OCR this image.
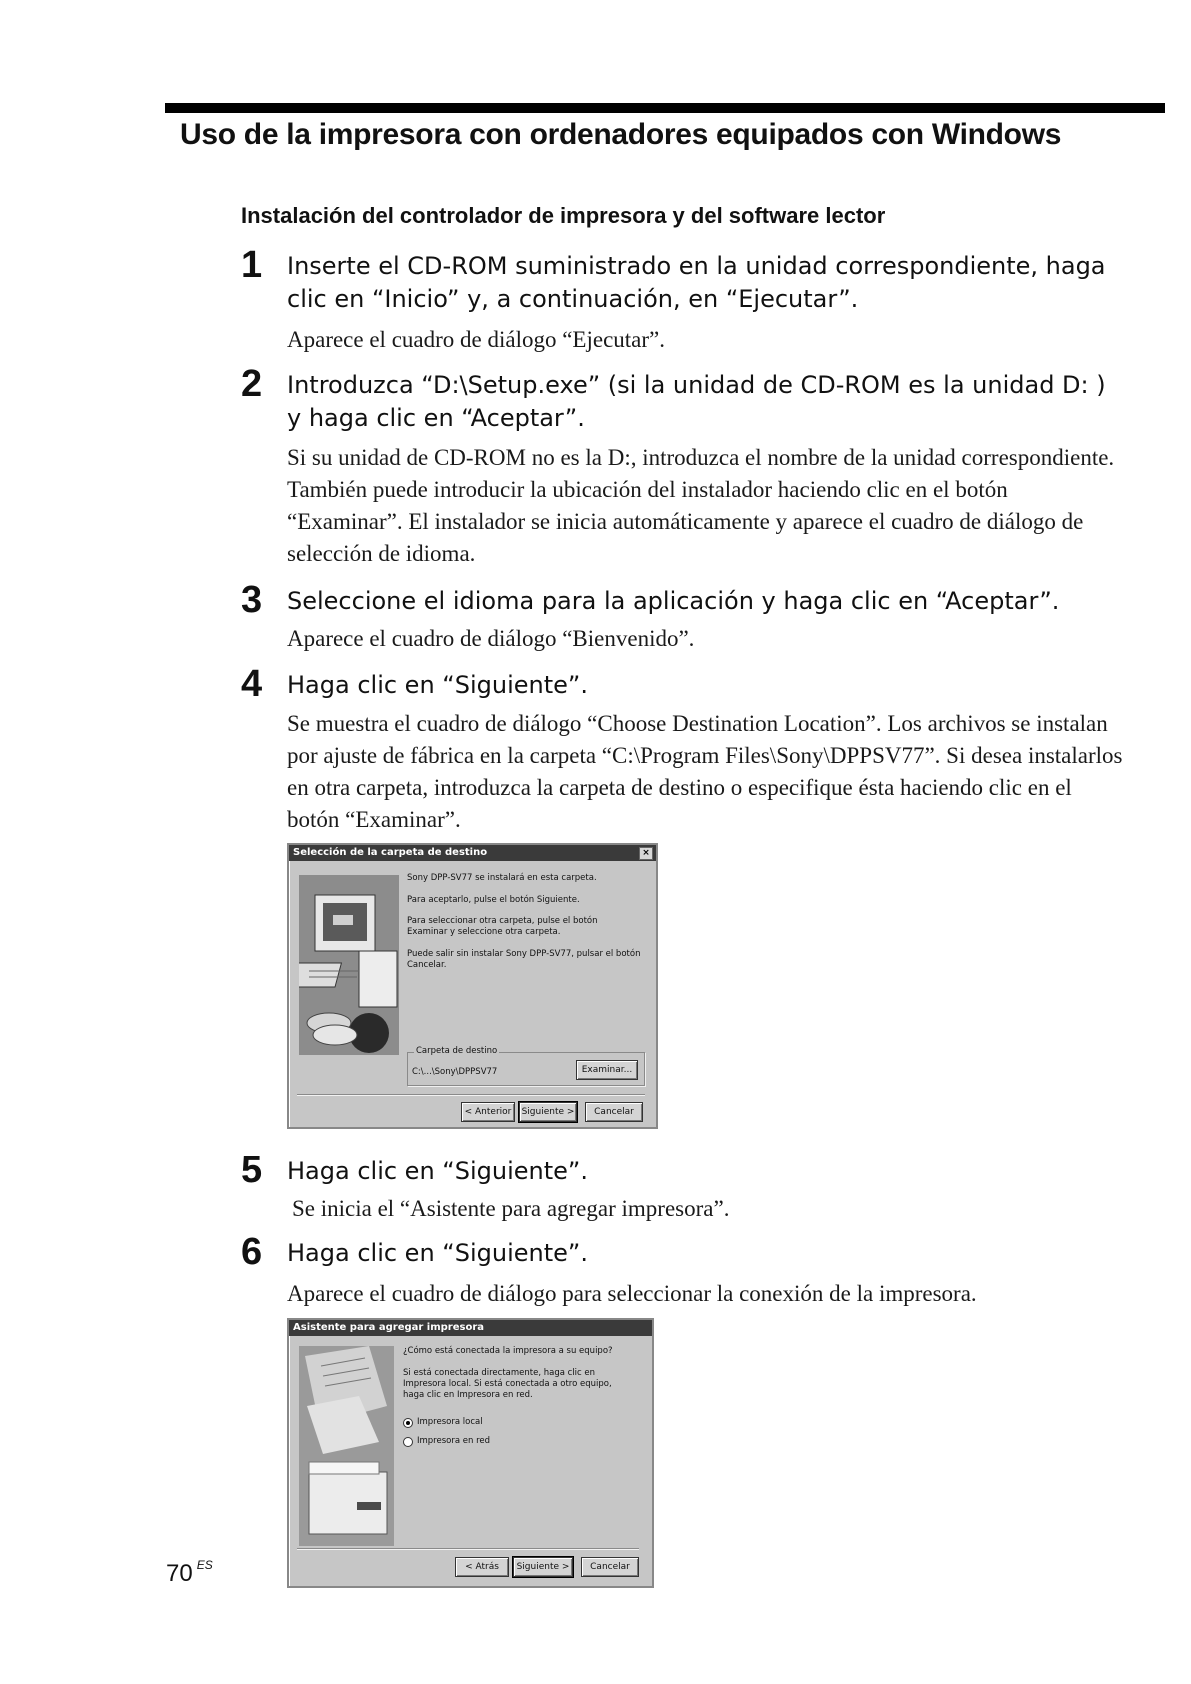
Uso de la impresora con ordenadores equipados con Windows
Instalación del controlador de impresora y del software lector
1 Inserte el CD-ROM suministrado en la unidad correspondiente, haga clic en “Inicio” y, a continuación, en “Ejecutar”.
Aparece el cuadro de diálogo “Ejecutar”.
2 Introduzca “D:\Setup.exe” (si la unidad de CD-ROM es la unidad D: ) y haga clic en “Aceptar”.
Si su unidad de CD-ROM no es la D:, introduzca el nombre de la unidad correspondiente. También puede introducir la ubicación del instalador haciendo clic en el botón “Examinar”. El instalador se inicia automáticamente y aparece el cuadro de diálogo de selección de idioma.
3 Seleccione el idioma para la aplicación y haga clic en “Aceptar”.
Aparece el cuadro de diálogo “Bienvenido”.
4 Haga clic en “Siguiente”.
Se muestra el cuadro de diálogo “Choose Destination Location”. Los archivos se instalan por ajuste de fábrica en la carpeta “C:\Program Files\Sony\DPPSV77”. Si desea instalarlos en otra carpeta, introduzca la carpeta de destino o especifique ésta haciendo clic en el botón “Examinar”.
Selección de la carpeta de destino	×
Sony DPP-SV77 se instalará en esta carpeta.
Para aceptarlo, pulse el botón Siguiente.
Para seleccionar otra carpeta, pulse el botón Examinar y seleccione otra carpeta.
Puede salir sin instalar Sony DPP-SV77, pulsar el botón Cancelar.
Carpeta de destino
C:\...\Sony\DPPSV77	Examinar...
< Anterior	Siguiente >	Cancelar
5 Haga clic en “Siguiente”.
Se inicia el “Asistente para agregar impresora”.
6 Haga clic en “Siguiente”.
Aparece el cuadro de diálogo para seleccionar la conexión de la impresora.
Asistente para agregar impresora
¿Cómo está conectada la impresora a su equipo?
Si está conectada directamente, haga clic en Impresora local. Si está conectada a otro equipo, haga clic en Impresora en red.
Impresora local
Impresora en red
< Atrás	Siguiente >	Cancelar
70 $^{ES}$
